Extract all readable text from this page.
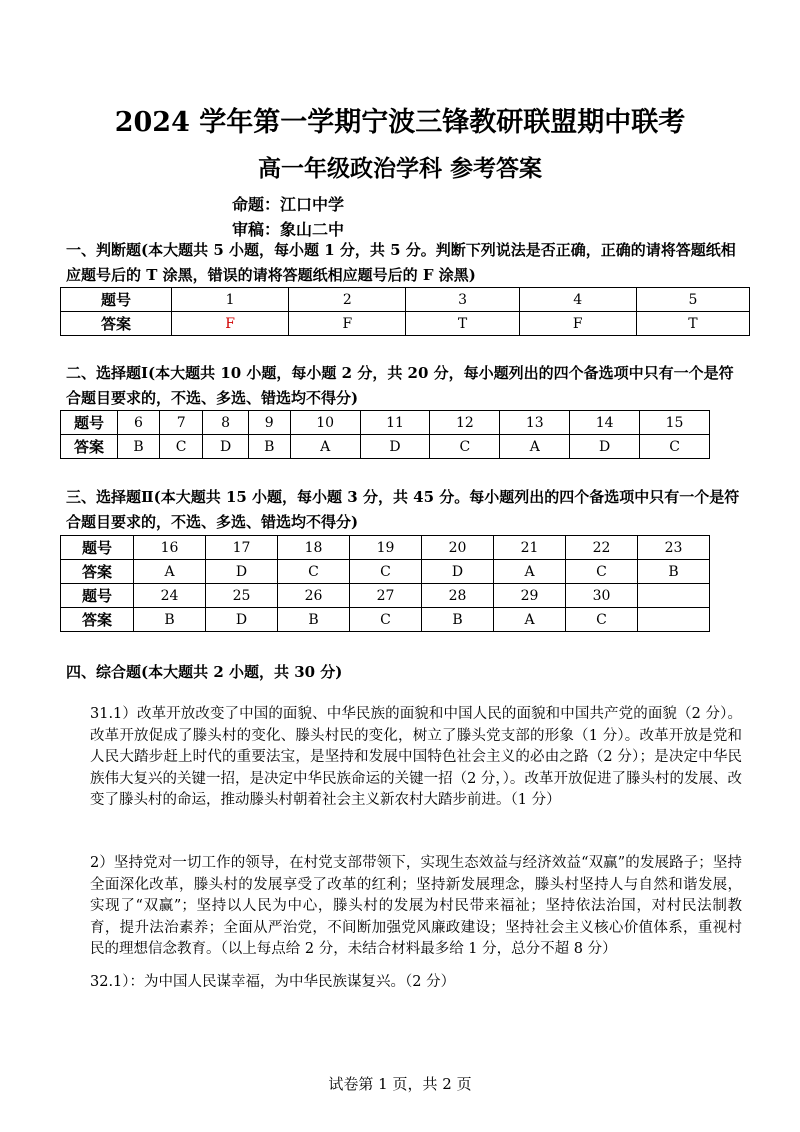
2024 学年第一学期宁波三锋教研联盟期中联考
高一年级政治学科 参考答案
命题：江口中学
审稿：象山二中
一、判断题(本大题共 5 小题，每小题 1 分，共 5 分。判断下列说法是否正确，正确的请将答题纸相应题号后的 T 涂黑，错误的请将答题纸相应题号后的 F 涂黑)
题号	1	2	3	4	5
答案	F	F	T	F	T
二、选择题Ⅰ(本大题共 10 小题，每小题 2 分，共 20 分，每小题列出的四个备选项中只有一个是符合题目要求的，不选、多选、错选均不得分)
题号	6	7	8	9	10	11	12	13	14	15
答案	B	C	D	B	A	D	C	A	D	C
三、选择题Ⅱ(本大题共 15 小题，每小题 3 分，共 45 分。每小题列出的四个备选项中只有一个是符合题目要求的，不选、多选、错选均不得分)
题号	16	17	18	19	20	21	22	23
答案	A	D	C	C	D	A	C	B
题号	24	25	26	27	28	29	30	
答案	B	D	B	C	B	A	C	
四、综合题(本大题共 2 小题，共 30 分)

31.1）改革开放改变了中国的面貌、中华民族的面貌和中国人民的面貌和中国共产党的面貌（2 分）。改革开放促成了滕头村的变化、滕头村民的变化，树立了滕头党支部的形象（1 分）。改革开放是党和人民大踏步赶上时代的重要法宝，是坚持和发展中国特色社会主义的必由之路（2 分）；是决定中华民族伟大复兴的关键一招，是决定中华民族命运的关键一招（2 分，）。改革开放促进了滕头村的发展、改变了滕头村的命运，推动滕头村朝着社会主义新农村大踏步前进。（1 分）

2）坚持党对一切工作的领导，在村党支部带领下，实现生态效益与经济效益“双赢”的发展路子；坚持全面深化改革，滕头村的发展享受了改革的红利；坚持新发展理念，滕头村坚持人与自然和谐发展，实现了“双赢”；坚持以人民为中心，滕头村的发展为村民带来福祉；坚持依法治国，对村民法制教育，提升法治素养；全面从严治党，不间断加强党风廉政建设；坚持社会主义核心价值体系，重视村民的理想信念教育。（以上每点给 2 分，未结合材料最多给 1 分，总分不超 8 分）

32.1）：为中国人民谋幸福，为中华民族谋复兴。（2 分）

试卷第 1 页，共 2 页
